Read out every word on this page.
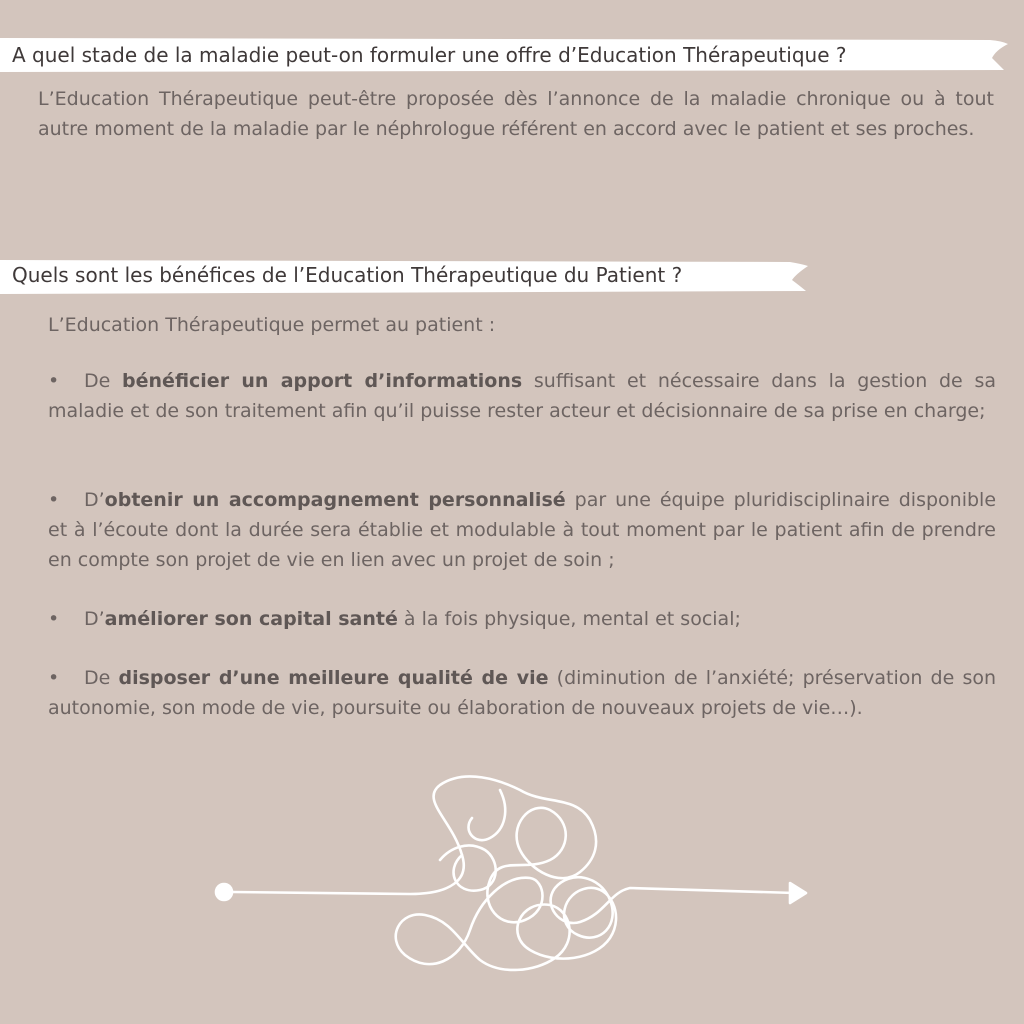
A quel stade de la maladie peut-on formuler une offre d’Education Thérapeutique ?
L’Education Thérapeutique peut-être proposée dès l’annonce de la maladie chronique ou à tout autre moment de la maladie par le néphrologue référent en accord avec le patient et ses proches.
Quels sont les bénéfices de l’Education Thérapeutique du Patient ?
L’Education Thérapeutique permet au patient :
• De bénéficier un apport d’informations suffisant et nécessaire dans la gestion de sa maladie et de son traitement afin qu’il puisse rester acteur et décisionnaire de sa prise en charge;
• D’obtenir un accompagnement personnalisé par une équipe pluridisciplinaire disponible et à l’écoute dont la durée sera établie et modulable à tout moment par le patient afin de prendre en compte son projet de vie en lien avec un projet de soin ;
• D’améliorer son capital santé à la fois physique, mental et social;
• De disposer d’une meilleure qualité de vie (diminution de l’anxiété; préservation de son autonomie, son mode de vie, poursuite ou élaboration de nouveaux projets de vie…).
